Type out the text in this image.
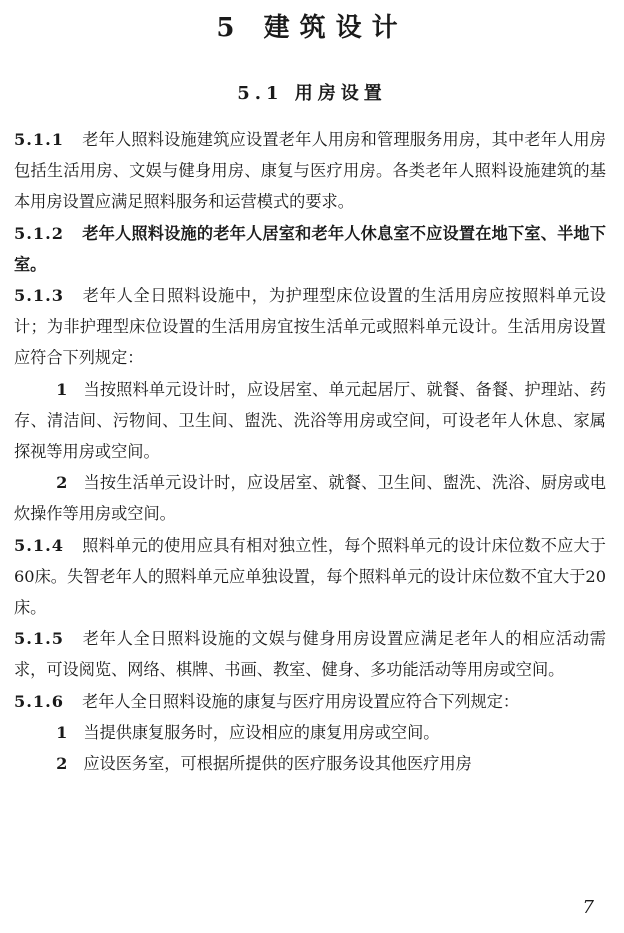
5 建筑设计
5.1 用房设置

5.1.1 老年人照料设施建筑应设置老年人用房和管理服务用房，其中老年人用房包括生活用房、文娱与健身用房、康复与医疗用房。各类老年人照料设施建筑的基本用房设置应满足照料服务和运营模式的要求。

5.1.2 老年人照料设施的老年人居室和老年人休息室不应设置在地下室、半地下室。

5.1.3 老年人全日照料设施中，为护理型床位设置的生活用房应按照料单元设计；为非护理型床位设置的生活用房宜按生活单元或照料单元设计。生活用房设置应符合下列规定：

1 当按照料单元设计时，应设居室、单元起居厅、就餐、备餐、护理站、药存、清洁间、污物间、卫生间、盥洗、洗浴等用房或空间，可设老年人休息、家属探视等用房或空间。

2 当按生活单元设计时，应设居室、就餐、卫生间、盥洗、洗浴、厨房或电炊操作等用房或空间。

5.1.4 照料单元的使用应具有相对独立性，每个照料单元的设计床位数不应大于60床。失智老年人的照料单元应单独设置，每个照料单元的设计床位数不宜大于20床。

5.1.5 老年人全日照料设施的文娱与健身用房设置应满足老年人的相应活动需求，可设阅览、网络、棋牌、书画、教室、健身、多功能活动等用房或空间。

5.1.6 老年人全日照料设施的康复与医疗用房设置应符合下列规定：

1 当提供康复服务时，应设相应的康复用房或空间。

2 应设医务室，可根据所提供的医疗服务设其他医疗用房

7
